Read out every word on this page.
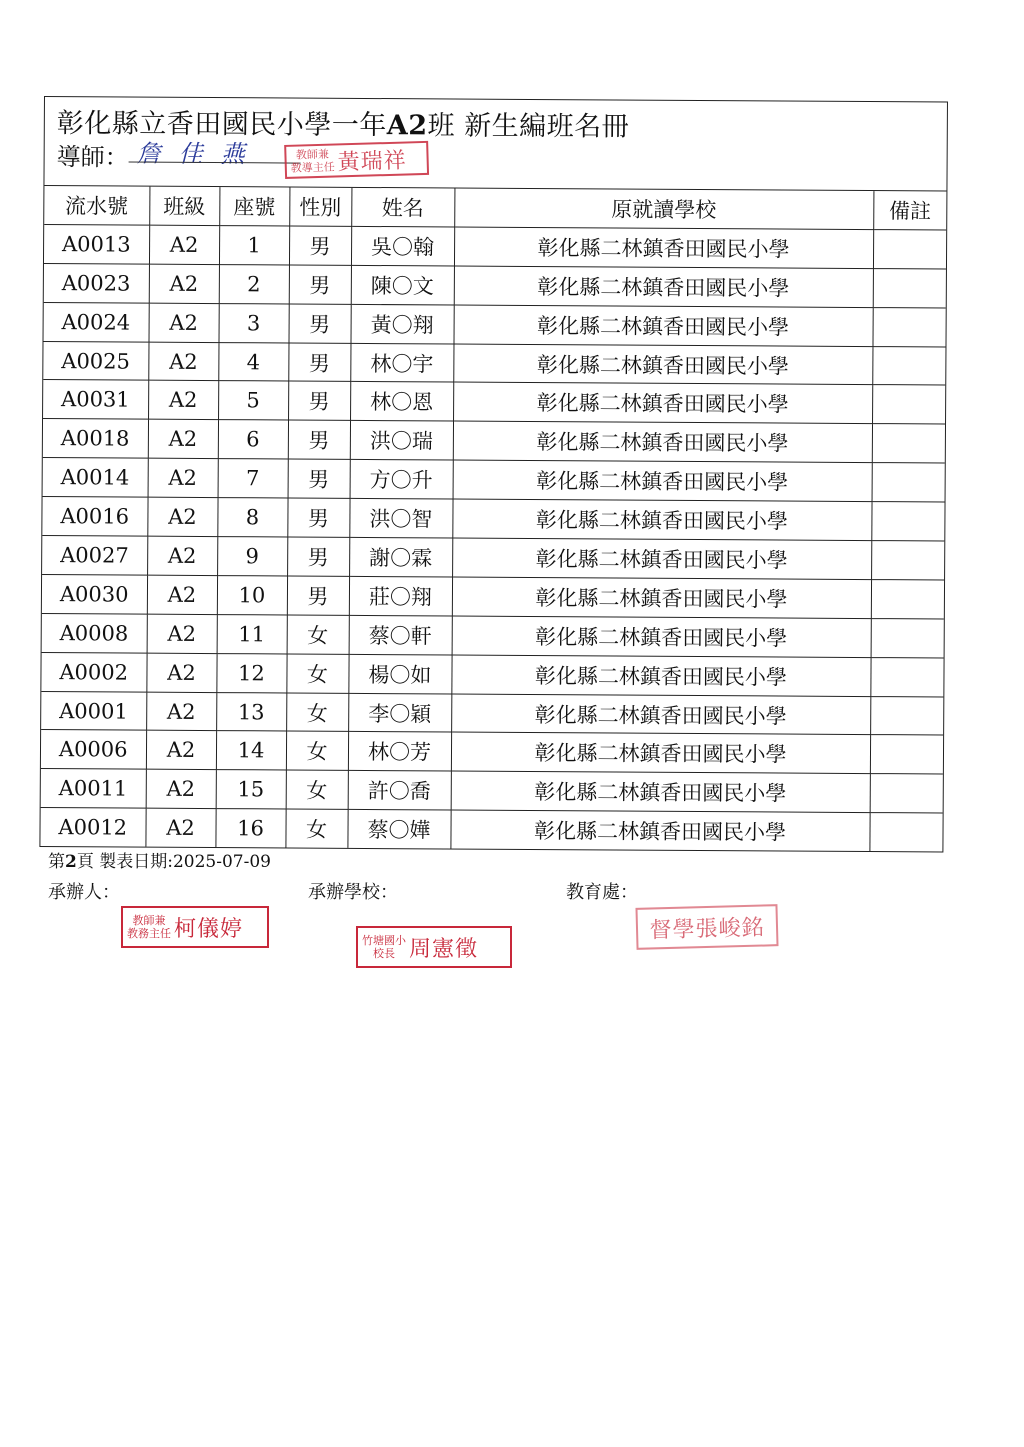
彰化縣立香田國民小學一年A2班 新生編班名冊
導師： 詹佳燕	教師兼
教導主任 黃瑞祥
流水號	班級	座號	性別	姓名	原就讀學校	備註
A0013	A2	1	男	吳〇翰	彰化縣二林鎮香田國民小學	
A0023	A2	2	男	陳〇文	彰化縣二林鎮香田國民小學	
A0024	A2	3	男	黃〇翔	彰化縣二林鎮香田國民小學	
A0025	A2	4	男	林〇宇	彰化縣二林鎮香田國民小學	
A0031	A2	5	男	林〇恩	彰化縣二林鎮香田國民小學	
A0018	A2	6	男	洪〇瑞	彰化縣二林鎮香田國民小學	
A0014	A2	7	男	方〇升	彰化縣二林鎮香田國民小學	
A0016	A2	8	男	洪〇智	彰化縣二林鎮香田國民小學	
A0027	A2	9	男	謝〇霖	彰化縣二林鎮香田國民小學	
A0030	A2	10	男	莊〇翔	彰化縣二林鎮香田國民小學	
A0008	A2	11	女	蔡〇軒	彰化縣二林鎮香田國民小學	
A0002	A2	12	女	楊〇如	彰化縣二林鎮香田國民小學	
A0001	A2	13	女	李〇穎	彰化縣二林鎮香田國民小學	
A0006	A2	14	女	林〇芳	彰化縣二林鎮香田國民小學	
A0011	A2	15	女	許〇喬	彰化縣二林鎮香田國民小學	
A0012	A2	16	女	蔡〇嬅	彰化縣二林鎮香田國民小學	
第2頁 製表日期:2025-07-09
承辦人：	承辦學校：	教育處：
教師兼
教務主任 柯儀婷	竹塘國小
校長 周憲徵
督學張峻銘
